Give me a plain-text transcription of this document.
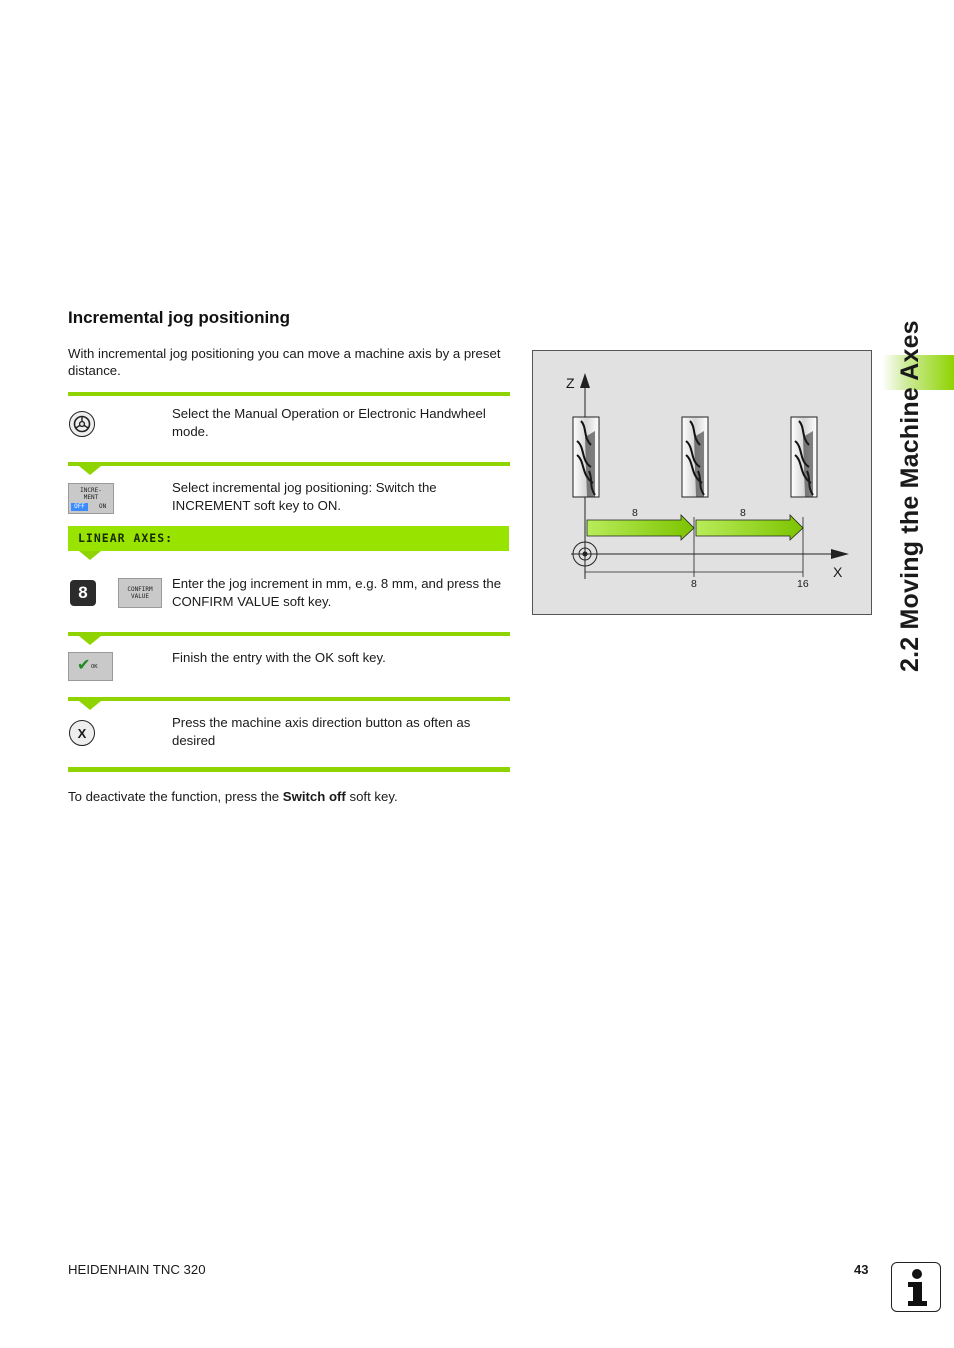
Incremental jog positioning
With incremental jog positioning you can move a machine axis by a preset distance.
Select the Manual Operation or Electronic Handwheel mode.
INCRE-
MENT
OFF	ON
Select incremental jog positioning: Switch the INCREMENT soft key to ON.
LINEAR AXES:
8	CONFIRM
VALUE
Enter the jog increment in mm, e.g. 8 mm, and press the CONFIRM VALUE soft key.
✔ OK
Finish the entry with the OK soft key.
X
Press the machine axis direction button as often as desired
To deactivate the function, press the Switch off soft key.
Z
X
8	8
8	16	2.2 Moving the Machine Axes
HEIDENHAIN TNC 320	43
